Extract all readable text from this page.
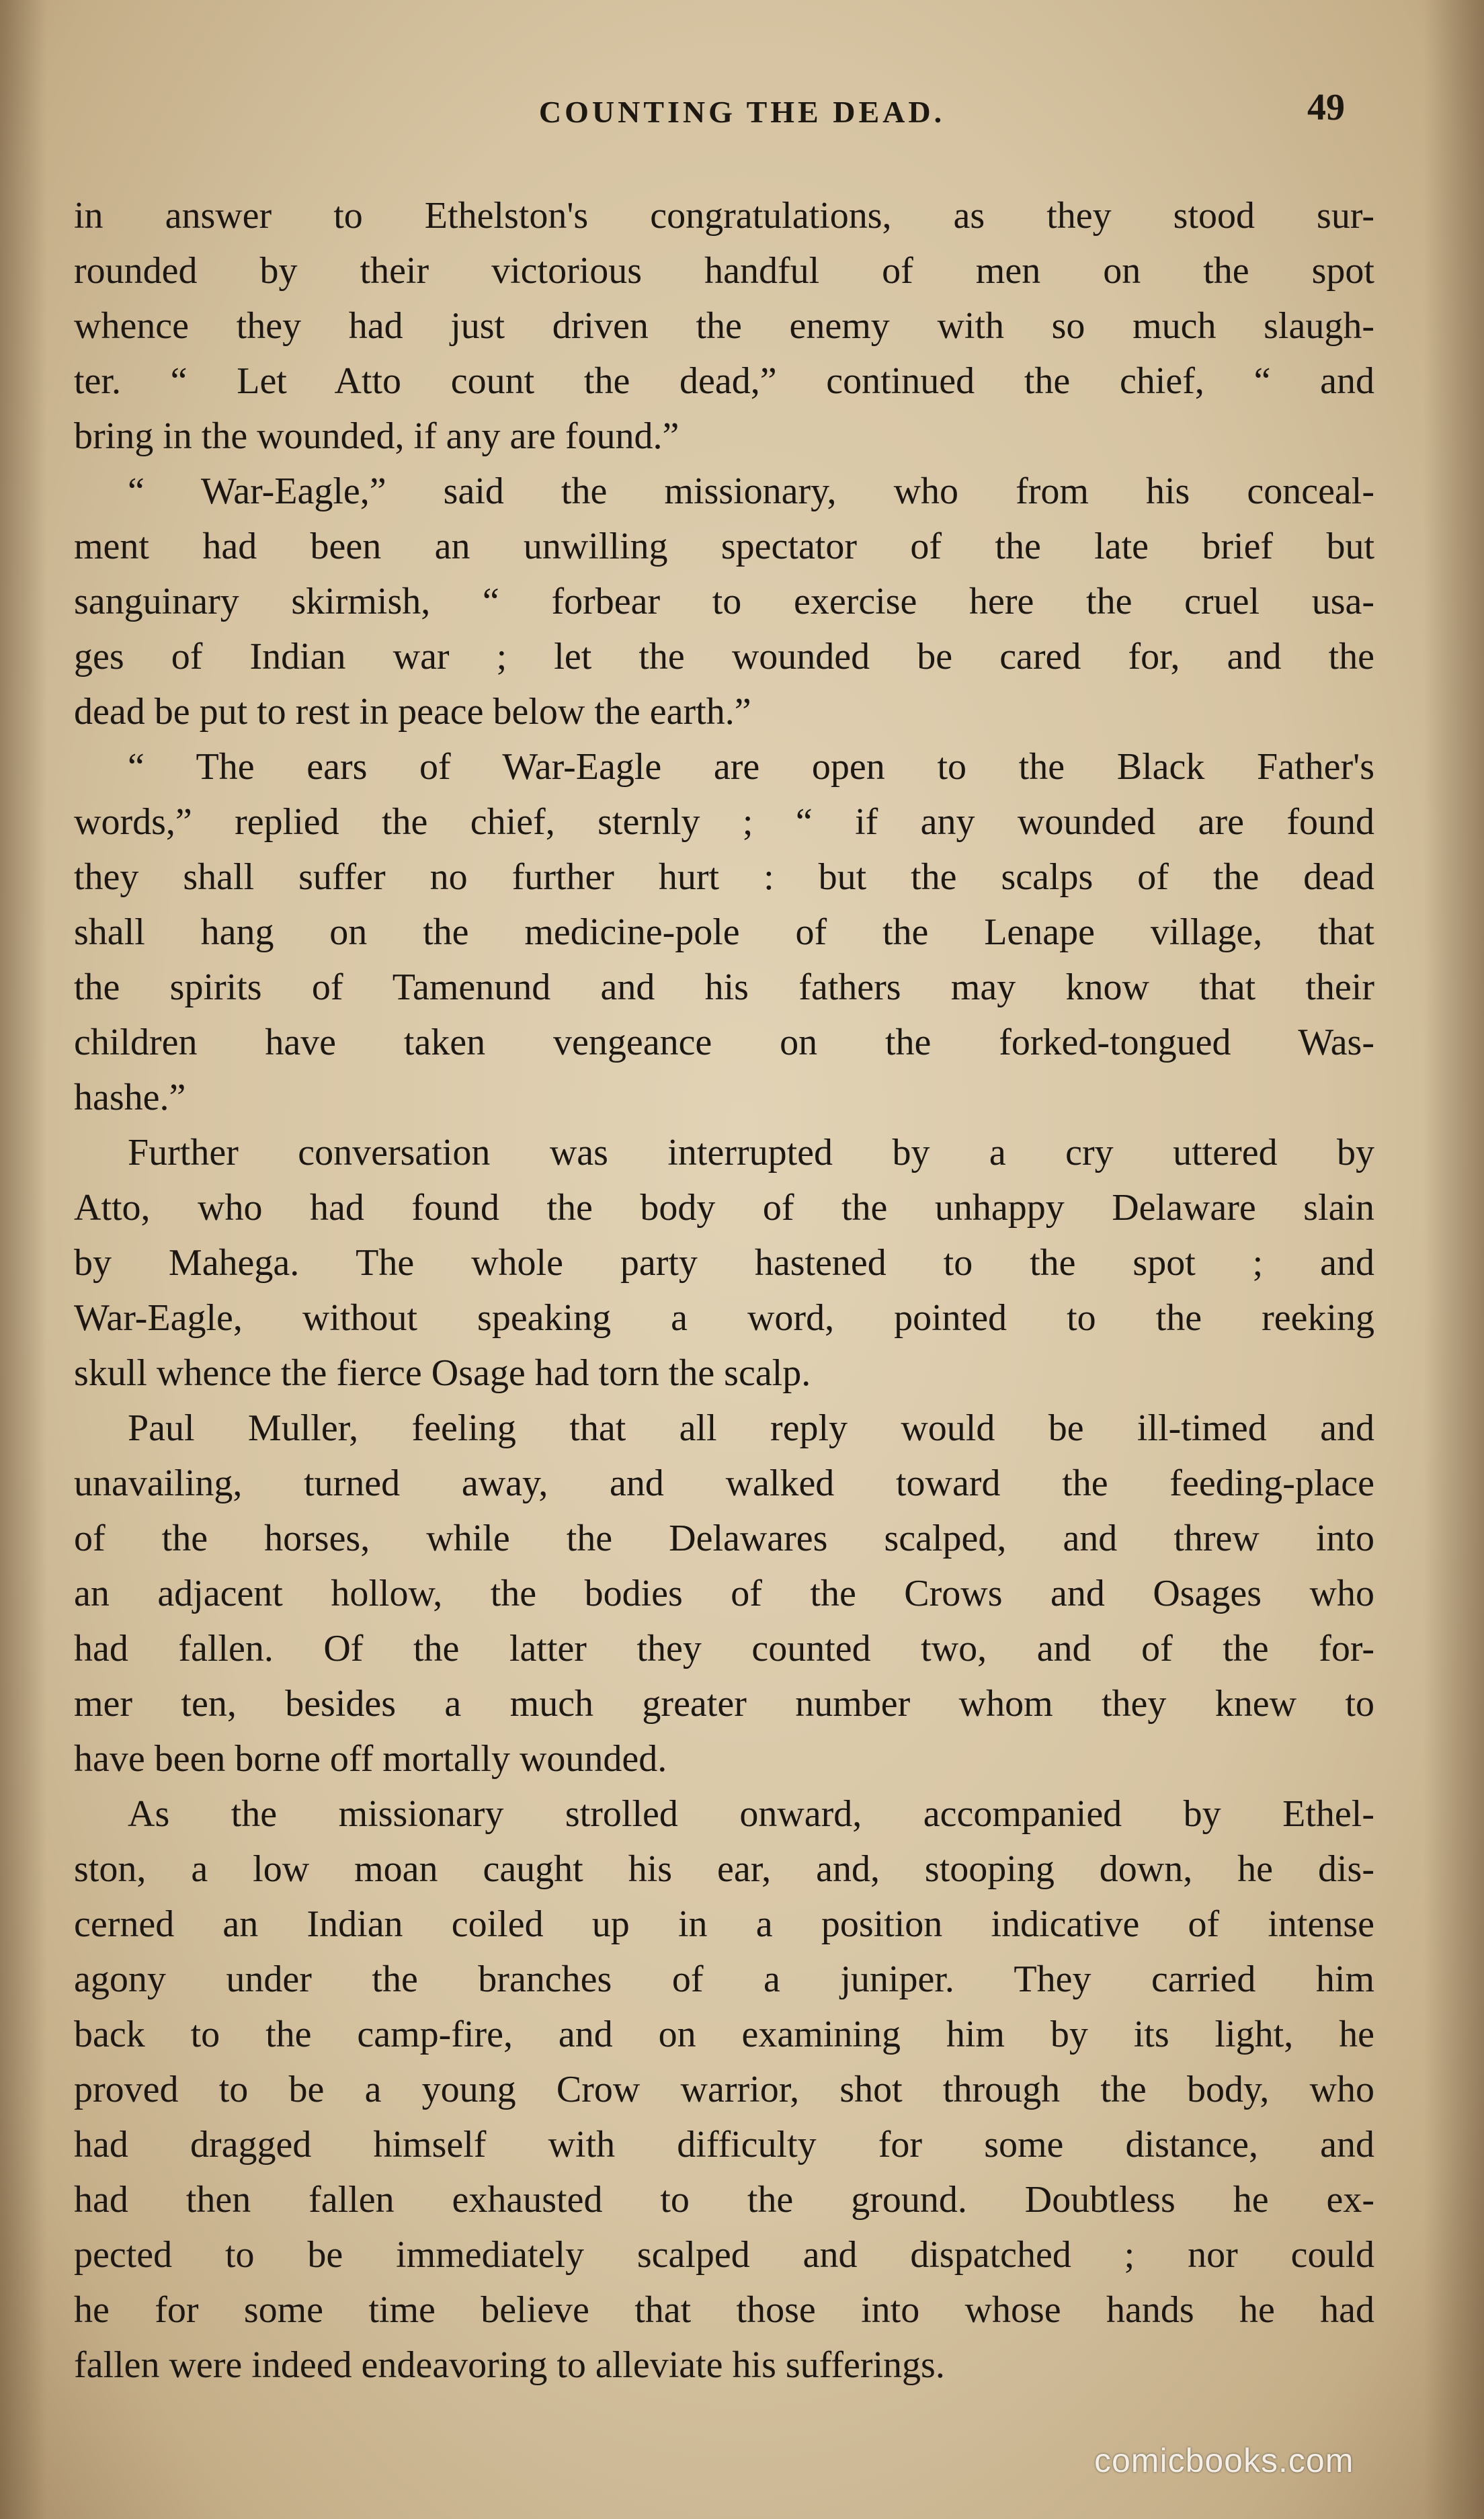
COUNTING THE DEAD.	49
in answer to Ethelston's congratulations, as they stood sur-
rounded by their victorious handful of men on the spot
whence they had just driven the enemy with so much slaugh-
ter. “ Let Atto count the dead,” continued the chief, “ and
bring in the wounded, if any are found.”
“ War-Eagle,” said the missionary, who from his conceal-
ment had been an unwilling spectator of the late brief but
sanguinary skirmish, “ forbear to exercise here the cruel usa-
ges of Indian war ; let the wounded be cared for, and the
dead be put to rest in peace below the earth.”
“ The ears of War-Eagle are open to the Black Father's
words,” replied the chief, sternly ; “ if any wounded are found
they shall suffer no further hurt : but the scalps of the dead
shall hang on the medicine-pole of the Lenape village, that
the spirits of Tamenund and his fathers may know that their
children have taken vengeance on the forked-tongued Was-
hashe.”
Further conversation was interrupted by a cry uttered by
Atto, who had found the body of the unhappy Delaware slain
by Mahega. The whole party hastened to the spot ; and
War-Eagle, without speaking a word, pointed to the reeking
skull whence the fierce Osage had torn the scalp.
Paul Muller, feeling that all reply would be ill-timed and
unavailing, turned away, and walked toward the feeding-place
of the horses, while the Delawares scalped, and threw into
an adjacent hollow, the bodies of the Crows and Osages who
had fallen. Of the latter they counted two, and of the for-
mer ten, besides a much greater number whom they knew to
have been borne off mortally wounded.
As the missionary strolled onward, accompanied by Ethel-
ston, a low moan caught his ear, and, stooping down, he dis-
cerned an Indian coiled up in a position indicative of intense
agony under the branches of a juniper. They carried him
back to the camp-fire, and on examining him by its light, he
proved to be a young Crow warrior, shot through the body, who
had dragged himself with difficulty for some distance, and
had then fallen exhausted to the ground. Doubtless he ex-
pected to be immediately scalped and dispatched ; nor could
he for some time believe that those into whose hands he had
fallen were indeed endeavoring to alleviate his sufferings.
comicbooks.com
